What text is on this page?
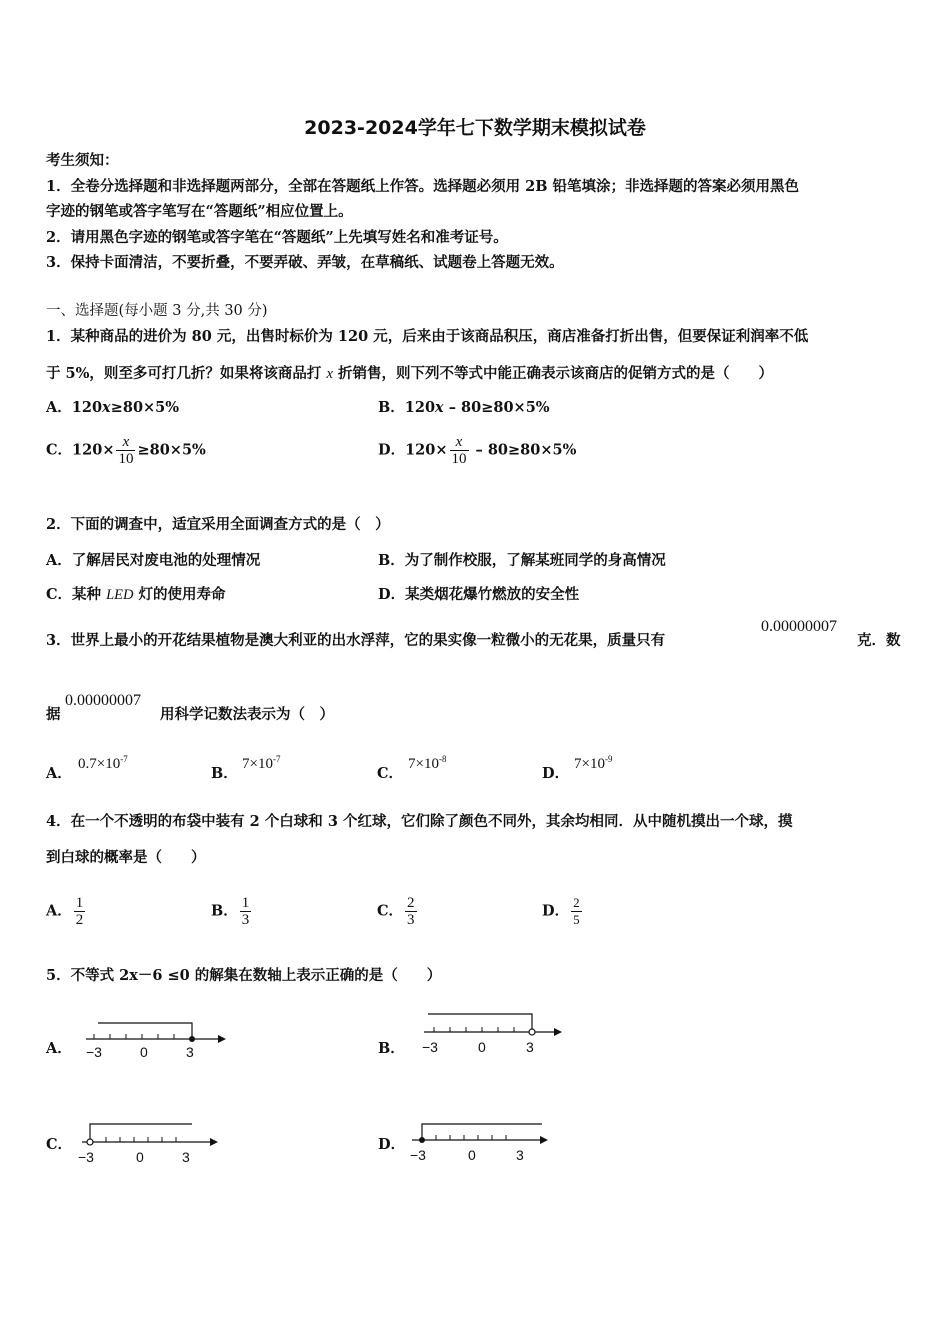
2023-2024学年七下数学期末模拟试卷
考生须知：
1．全卷分选择题和非选择题两部分，全部在答题纸上作答。选择题必须用 2B 铅笔填涂；非选择题的答案必须用黑色
字迹的钢笔或答字笔写在“答题纸”相应位置上。
2．请用黑色字迹的钢笔或答字笔在“答题纸”上先填写姓名和准考证号。
3．保持卡面清洁，不要折叠，不要弄破、弄皱，在草稿纸、试题卷上答题无效。
一、选择题(每小题 3 分,共 30 分)
1．某种商品的进价为 80 元，出售时标价为 120 元，后来由于该商品积压，商店准备打折出售，但要保证利润率不低
于 5%，则至多可打几折？如果将该商品打 x 折销售，则下列不等式中能正确表示该商店的促销方式的是（　　）
A．120x≥80×5%	B．120x – 80≥80×5%
C．$120\times \frac{x}{10} \ge 80\times 5\%$	D．$120\times \frac{x}{10} - 80\ge 80\times 5\%$
2．下面的调查中，适宜采用全面调查方式的是（　）
A．了解居民对废电池的处理情况	B．为了制作校服，了解某班同学的身高情况
C．某种 LED 灯的使用寿命	D．某类烟花爆竹燃放的安全性
3．世界上最小的开花结果植物是澳大利亚的出水浮萍，它的果实像一粒微小的无花果，质量只有
0.00000007
克．数
据
0.00000007
用科学记数法表示为（　）
A．
$0.7\times 10^{-7}$
B．
$7\times 10^{-7}$
C．
$7\times 10^{-8}$
D．
$7\times 10^{-9}$
4．在一个不透明的布袋中装有 2 个白球和 3 个红球，它们除了颜色不同外，其余均相同．从中随机摸出一个球，摸
到白球的概率是（　　）
A． $\frac{1}{2}$	B． $\frac{1}{3}$	C． $\frac{2}{3}$	D． $\frac{2}{5}$
5．不等式 2x－6 ≤0 的解集在数轴上表示正确的是（　　）
A． −3	0	3	B． −3	0	3
C．
−3	0	3
D．
−3	0	3
